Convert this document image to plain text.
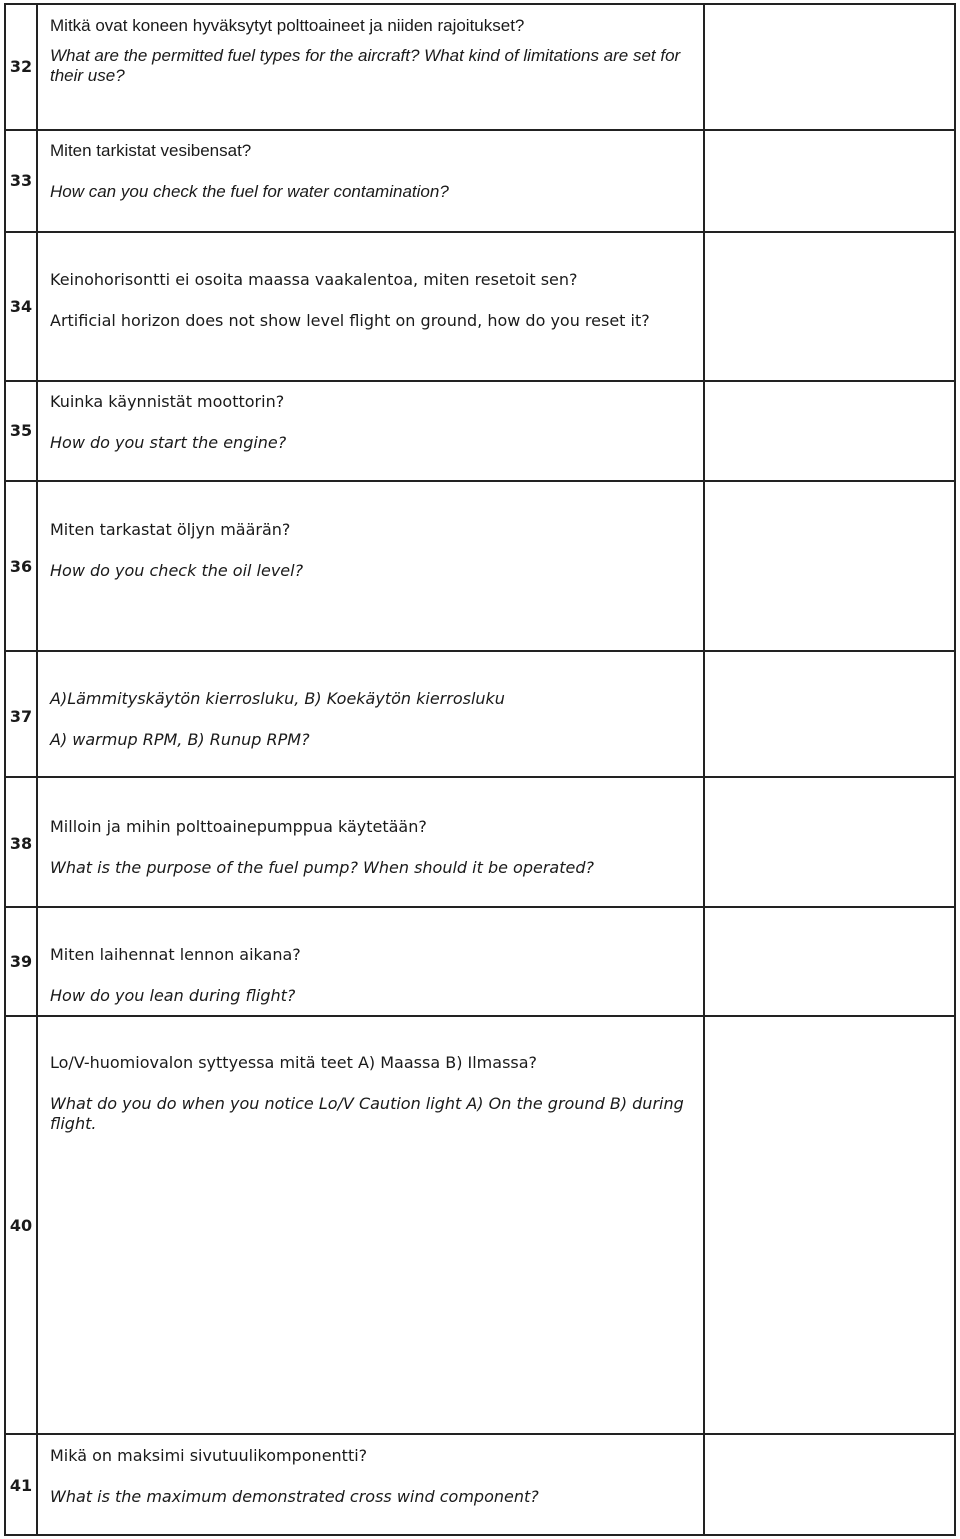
32
Mitkä ovat koneen hyväksytyt polttoaineet ja niiden rajoitukset?
What are the permitted fuel types for the aircraft? What kind of limitations are set for their use?
33
Miten tarkistat vesibensat?
How can you check the fuel for water contamination?
34
Keinohorisontti ei osoita maassa vaakalentoa, miten resetoit sen?
Artificial horizon does not show level flight on ground, how do you reset it?
35
Kuinka käynnistät moottorin?
How do you start the engine?
36
Miten tarkastat öljyn määrän?
How do you check the oil level?
37
A)Lämmityskäytön kierrosluku, B) Koekäytön kierrosluku
A) warmup RPM, B) Runup RPM?
38
Milloin ja mihin polttoainepumppua käytetään?
What is the purpose of the fuel pump? When should it be operated?
39 Miten laihennat lennon aikana?
How do you lean during flight?
40
Lo/V-huomiovalon syttyessa mitä teet A) Maassa B) Ilmassa?
What do you do when you notice Lo/V Caution light A) On the ground B) during flight.
41
Mikä on maksimi sivutuulikomponentti?
What is the maximum demonstrated cross wind component?
